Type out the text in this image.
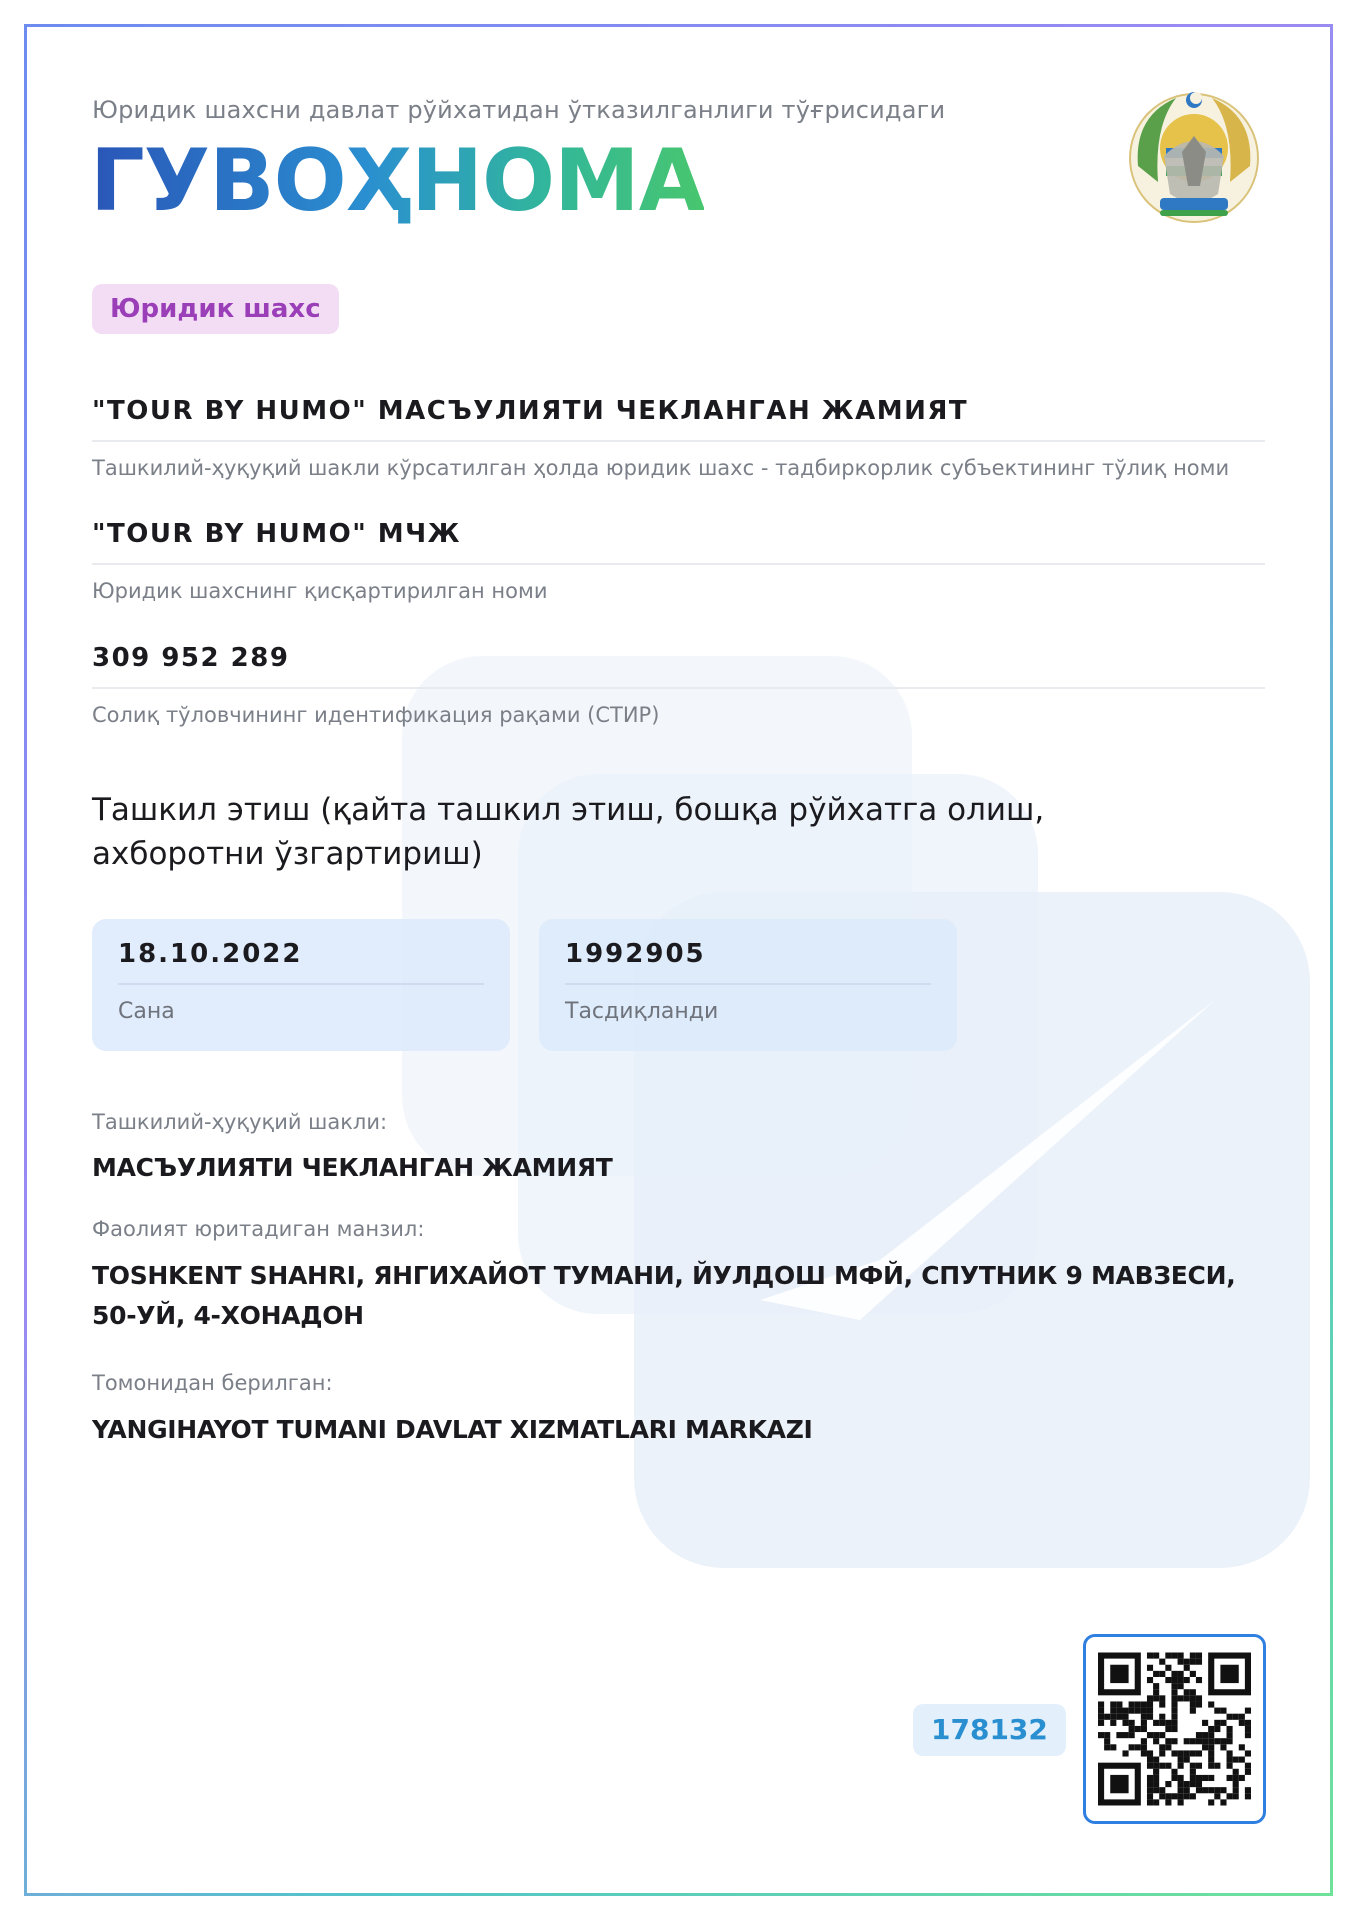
Юридик шахсни давлат рўйхатидан ўтказилганлиги тўғрисидаги
ГУВОҲНОМА
Юридик шахс
"TOUR BY HUMO" МАСЪУЛИЯТИ ЧЕКЛАНГАН ЖАМИЯТ
Ташкилий-ҳуқуқий шакли кўрсатилган ҳолда юридик шахс - тадбиркорлик субъектининг тўлиқ номи
"TOUR BY HUMO" МЧЖ
Юридик шахснинг қисқартирилган номи
309 952 289
Солиқ тўловчининг идентификация рақами (СТИР)
Ташкил этиш (қайта ташкил этиш, бошқа рўйхатга олиш, ахборотни ўзгартириш)
18.10.2022
Сана
1992905
Тасдиқланди
Ташкилий-ҳуқуқий шакли:
МАСЪУЛИЯТИ ЧЕКЛАНГАН ЖАМИЯТ
Фаолият юритадиган манзил:
TOSHKENT SHAHRI, ЯНГИХАЙОТ ТУМАНИ, ЙУЛДОШ МФЙ, СПУТНИК 9 МАВЗЕСИ, 50-УЙ, 4-ХОНАДОН
Томонидан берилган:
YANGIHAYOT TUMANI DAVLAT XIZMATLARI MARKAZI
178132
